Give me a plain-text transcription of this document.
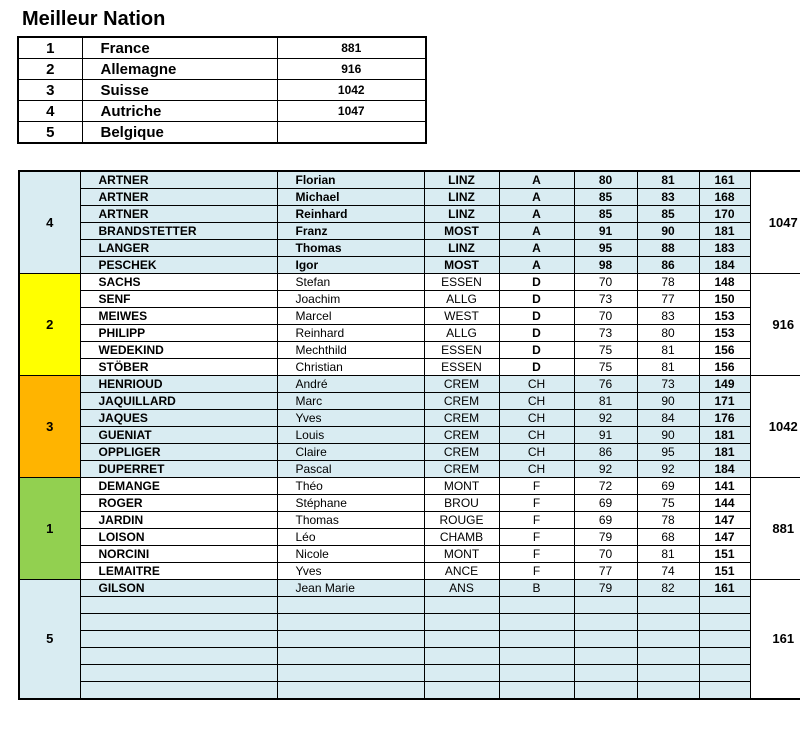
Meilleur Nation
1	France	881
2	Allemagne	916
3	Suisse	1042
4	Autriche	1047
5	Belgique	
4	ARTNER	Florian	LINZ	A	80	81	161	1047
	ARTNER	Michael	LINZ	A	85	83	168	
	ARTNER	Reinhard	LINZ	A	85	85	170	
	BRANDSTETTER	Franz	MOST	A	91	90	181	
	LANGER	Thomas	LINZ	A	95	88	183	
	PESCHEK	Igor	MOST	A	98	86	184	
2	SACHS	Stefan	ESSEN	D	70	78	148	916
	SENF	Joachim	ALLG	D	73	77	150	
	MEIWES	Marcel	WEST	D	70	83	153	
	PHILIPP	Reinhard	ALLG	D	73	80	153	
	WEDEKIND	Mechthild	ESSEN	D	75	81	156	
	STÖBER	Christian	ESSEN	D	75	81	156	
3	HENRIOUD	André	CREM	CH	76	73	149	1042
	JAQUILLARD	Marc	CREM	CH	81	90	171	
	JAQUES	Yves	CREM	CH	92	84	176	
	GUENIAT	Louis	CREM	CH	91	90	181	
	OPPLIGER	Claire	CREM	CH	86	95	181	
	DUPERRET	Pascal	CREM	CH	92	92	184	
1	DEMANGE	Théo	MONT	F	72	69	141	881
	ROGER	Stéphane	BROU	F	69	75	144	
	JARDIN	Thomas	ROUGE	F	69	78	147	
	LOISON	Léo	CHAMB	F	79	68	147	
	NORCINI	Nicole	MONT	F	70	81	151	
	LEMAITRE	Yves	ANCE	F	77	74	151	
5	GILSON	Jean Marie	ANS	B	79	82	161	161
